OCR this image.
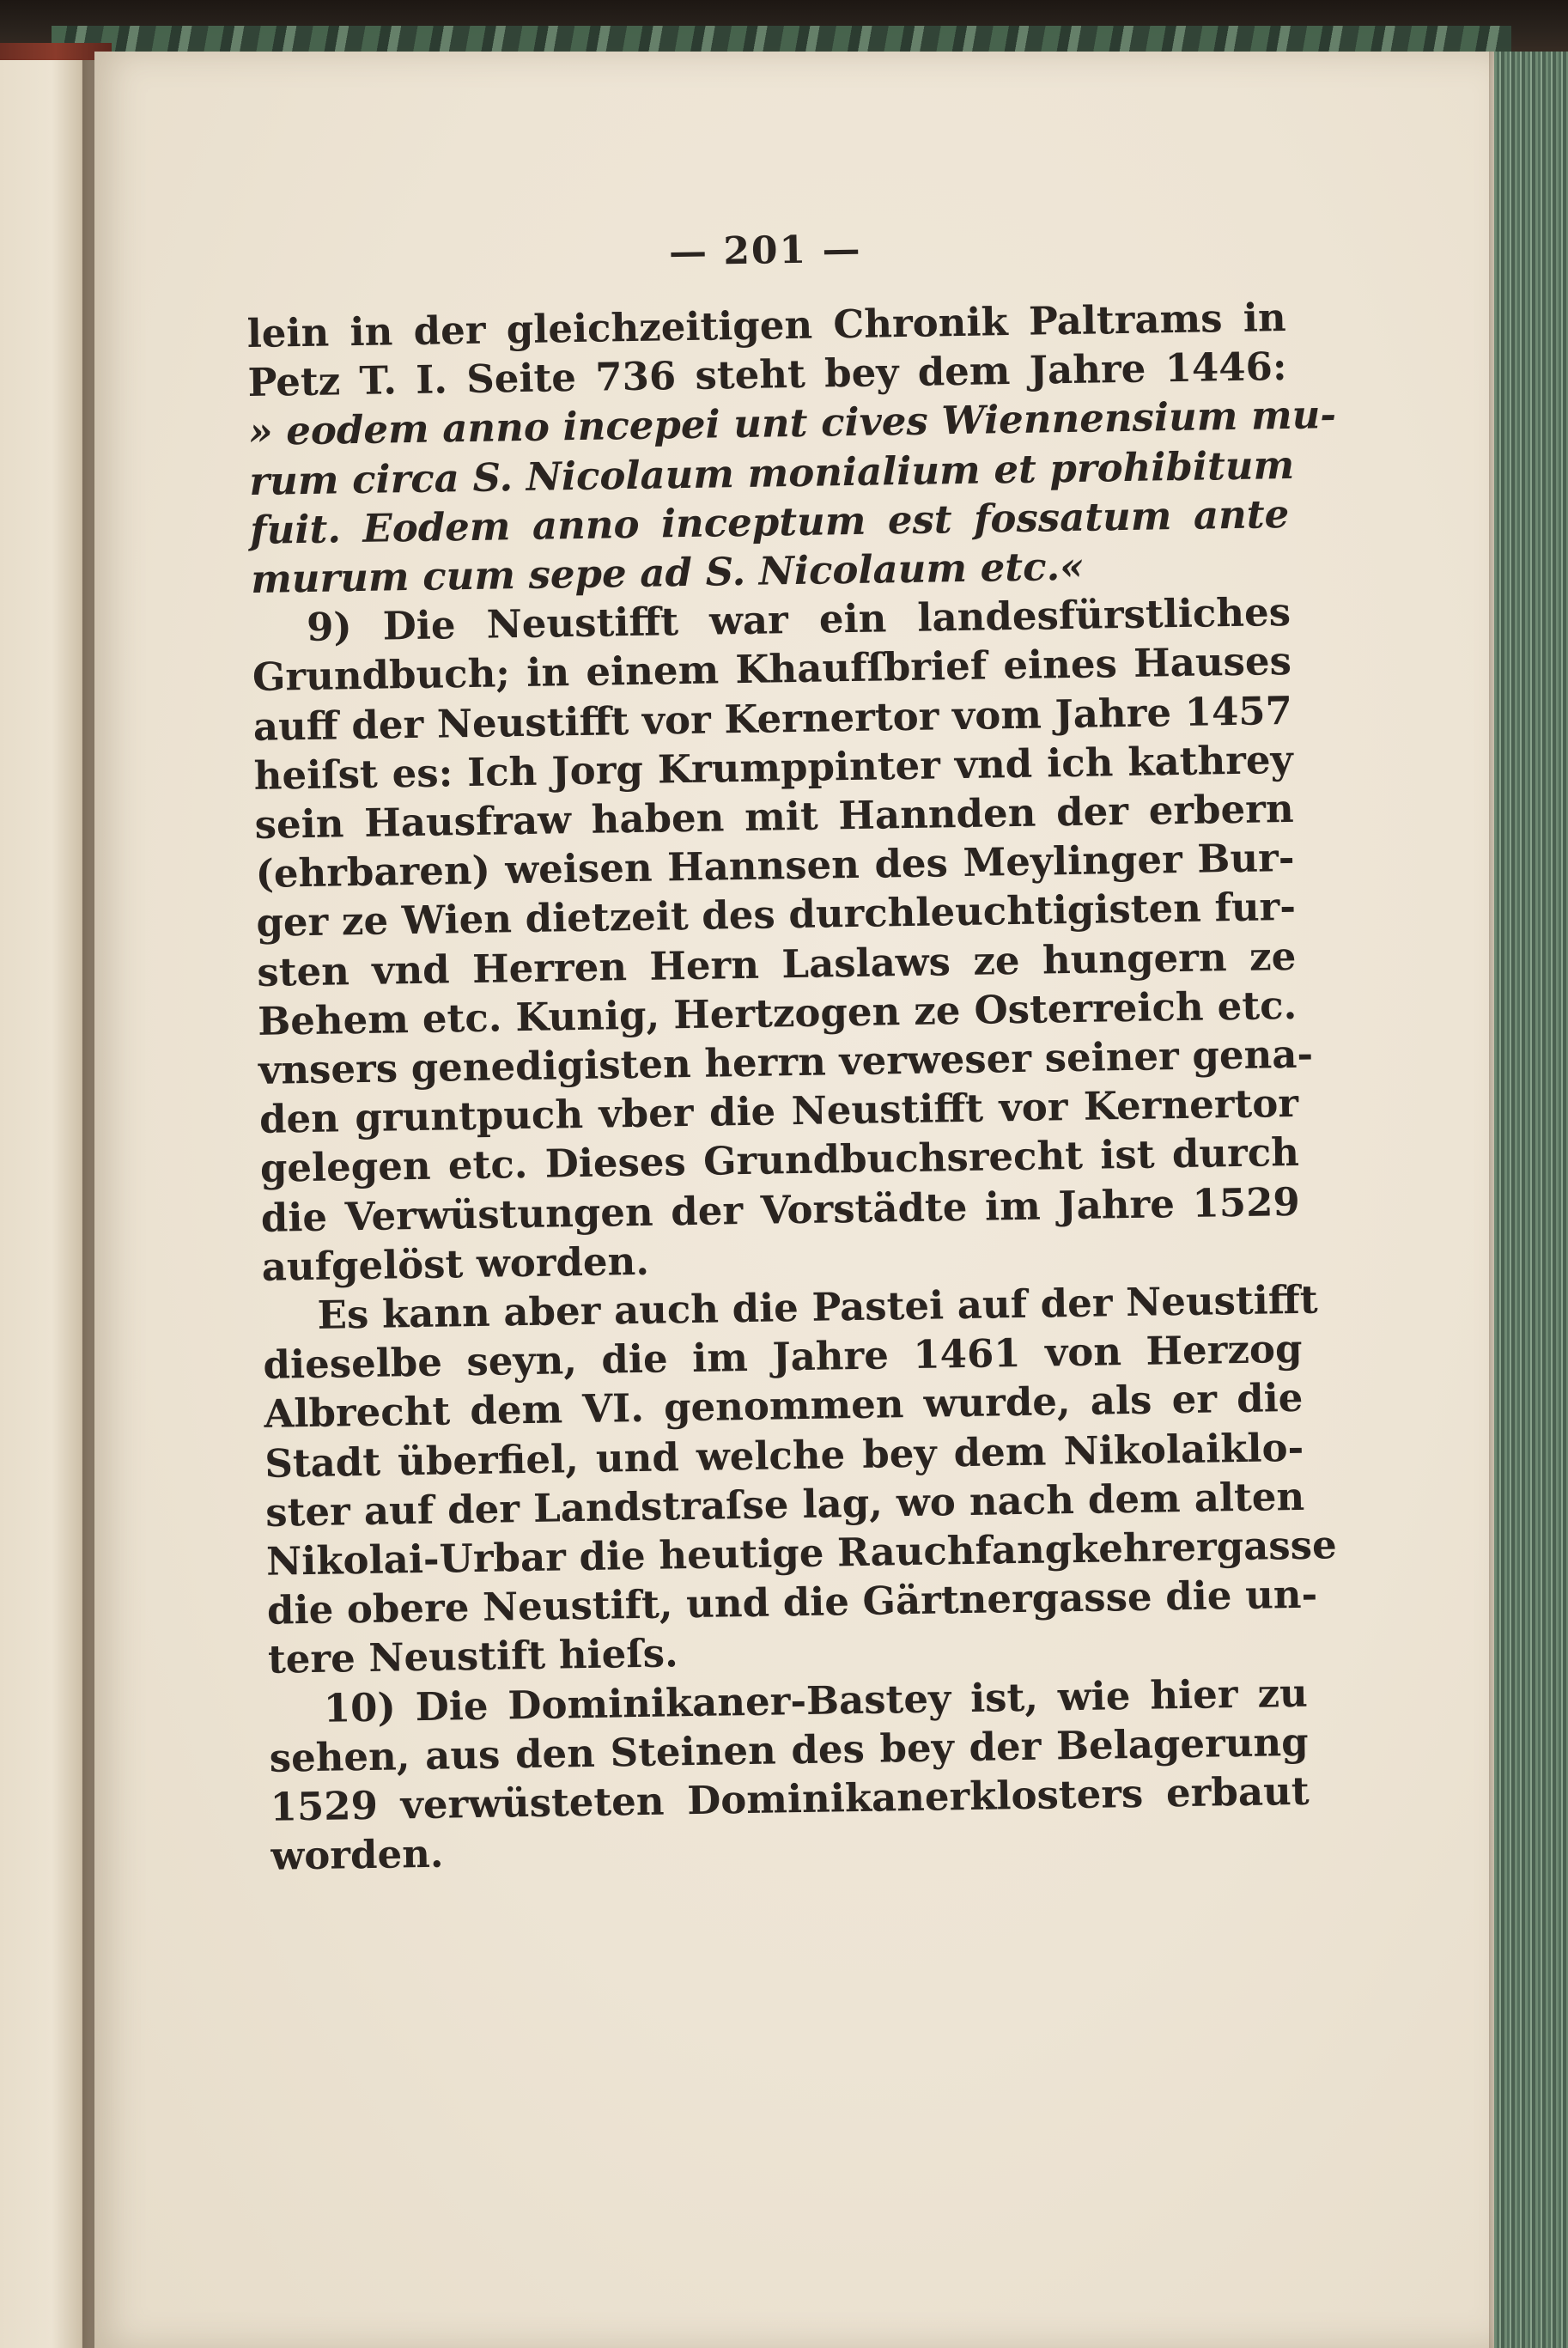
— 201 —
lein in der gleichzeitigen Chronik Paltrams in
Petz T. I. Seite 736 steht bey dem Jahre 1446:
» eodem anno incepei unt cives Wiennensium mu-
rum circa S. Nicolaum monialium et prohibitum
fuit. Eodem anno inceptum est fossatum ante
murum cum sepe ad S. Nicolaum etc.«
9) Die Neustifft war ein landesfürstliches
Grundbuch; in einem Khaufſbrief eines Hauses
auff der Neustifft vor Kernertor vom Jahre 1457
heiſst es: Ich Jorg Krumppinter vnd ich kathrey
sein Hausfraw haben mit Hannden der erbern
(ehrbaren) weisen Hannsen des Meylinger Bur-
ger ze Wien dietzeit des durchleuchtigisten fur-
sten vnd Herren Hern Laslaws ze hungern ze
Behem etc. Kunig, Hertzogen ze Osterreich etc.
vnsers genedigisten herrn verweser seiner gena-
den gruntpuch vber die Neustifft vor Kernertor
gelegen etc. Dieses Grundbuchsrecht ist durch
die Verwüstungen der Vorstädte im Jahre 1529
aufgelöst worden.
Es kann aber auch die Pastei auf der Neustifft
dieselbe seyn, die im Jahre 1461 von Herzog
Albrecht dem VI. genommen wurde, als er die
Stadt überfiel, und welche bey dem Nikolaiklo-
ster auf der Landstraſse lag, wo nach dem alten
Nikolai-Urbar die heutige Rauchfangkehrergasse
die obere Neustift, und die Gärtnergasse die un-
tere Neustift hieſs.
10) Die Dominikaner-Bastey ist, wie hier zu
sehen, aus den Steinen des bey der Belagerung
1529 verwüsteten Dominikanerklosters erbaut
worden.
